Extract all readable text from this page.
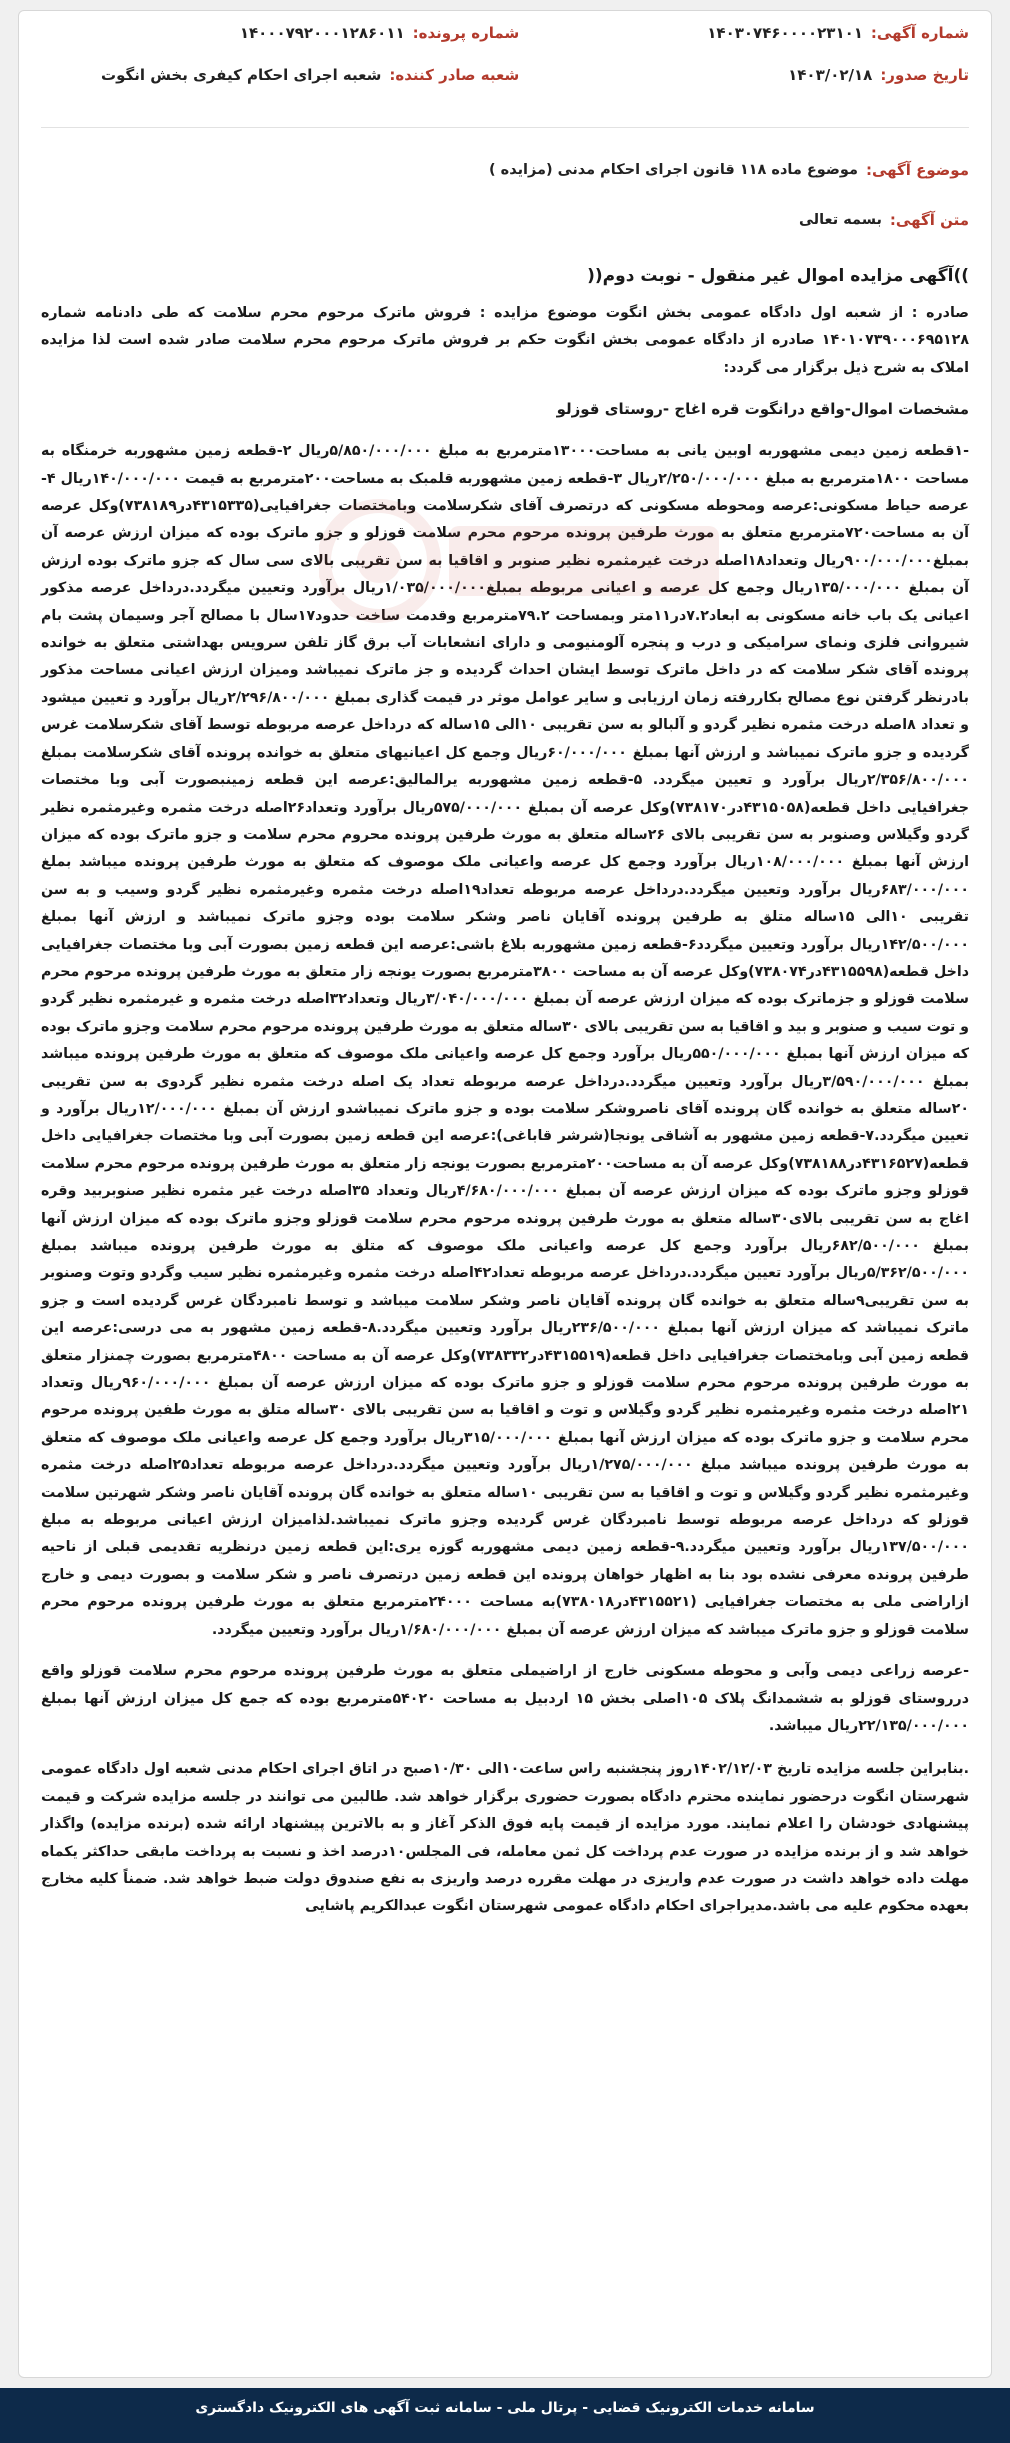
شماره آگهی:
۱۴۰۳۰۷۴۶۰۰۰۰۲۳۱۰۱
تاریخ صدور:
۱۴۰۳/۰۲/۱۸
شماره پرونده:
۱۴۰۰۰۷۹۲۰۰۰۱۲۸۶۰۱۱
شعبه صادر کننده:
شعبه اجرای احکام کیفری بخش انگوت
موضوع آگهی:
موضوع ماده ۱۱۸ قانون اجرای احکام مدنی (مزایده )
متن آگهی:
بسمه تعالی
))آگهی مزایده اموال غیر منقول - نوبت دوم((

صادره : از شعبه اول دادگاه عمومی بخش انگوت موضوع مزایده : فروش ماترک مرحوم محرم سلامت که طی دادنامه شماره ۱۴۰۱۰۷۳۹۰۰۰۶۹۵۱۲۸ صادره از دادگاه عمومی بخش انگوت حکم بر فروش ماترک مرحوم محرم سلامت صادر شده است لذا مزایده املاک به شرح ذیل برگزار می گردد:

مشخصات اموال-واقع درانگوت قره اغاج -روستای قوزلو

-۱قطعه زمین دیمی مشهوربه اوبین یانی به مساحت۱۳۰۰۰مترمربع به مبلغ ۵/۸۵۰/۰۰۰/۰۰۰ریال ۲-قطعه زمین مشهوربه خرمنگاه به مساحت ۱۸۰۰مترمربع به مبلغ ۲/۲۵۰/۰۰۰/۰۰۰ریال ۳-قطعه زمین مشهوربه قلمبک به مساحت۲۰۰مترمربع به قیمت ۱۴۰/۰۰۰/۰۰۰ریال ۴- عرصه حیاط مسکونی:عرصه ومحوطه مسکونی که درتصرف آقای شکرسلامت وبامختصات جغرافیایی(۴۳۱۵۳۳۵در۷۳۸۱۸۹)وکل عرصه آن به مساحت۷۲۰مترمربع متعلق به مورث طرفین پرونده مرحوم محرم سلامت قوزلو و جزو ماترک بوده که میزان ارزش عرصه آن بمبلغ۹۰۰/۰۰۰/۰۰۰ریال وتعداد۱۸اصله درخت غیرمثمره نظیر صنوبر و اقاقیا به سن تقریبی بالای سی سال که جزو ماترک بوده ارزش آن بمبلغ ۱۳۵/۰۰۰/۰۰۰ریال وجمع کل عرصه و اعیانی مربوطه بمبلغ۱/۰۳۵/۰۰۰/۰۰۰ریال برآورد وتعیین میگردد.درداخل عرصه مذکور اعیانی یک باب خانه مسکونی به ابعاد۷.۲در۱۱متر وبمساحت ۷۹.۲مترمربع وقدمت ساخت حدود۱۷سال با مصالح آجر وسیمان پشت بام شیروانی فلزی ونمای سرامیکی و درب و پنجره آلومنیومی و دارای انشعابات آب برق گاز تلفن سرویس بهداشتی متعلق به خوانده پرونده آقای شکر سلامت که در داخل ماترک توسط ایشان احداث گردیده و جز ماترک نمیباشد ومیزان ارزش اعیانی مساحت مذکور بادرنظر گرفتن نوع مصالح بکاررفته زمان ارزیابی و سایر عوامل موثر در قیمت گذاری بمبلغ ۲/۲۹۶/۸۰۰/۰۰۰ریال برآورد و تعیین میشود و تعداد ۸اصله درخت مثمره نظیر گردو و آلبالو به سن تقریبی ۱۰الی ۱۵ساله که درداخل عرصه مربوطه توسط آقای شکرسلامت غرس گردیده و جزو ماترک نمیباشد و ارزش آنها بمبلغ ۶۰/۰۰۰/۰۰۰ریال وجمع کل اعیانیهای متعلق به خوانده پرونده آقای شکرسلامت بمبلغ ۲/۳۵۶/۸۰۰/۰۰۰ریال برآورد و تعیین میگردد. ۵-قطعه زمین مشهوربه یرالمالیق:عرصه این قطعه زمینبصورت آبی وبا مختصات جغرافیایی داخل قطعه(۴۳۱۵۰۵۸در۷۳۸۱۷۰)وکل عرصه آن بمبلغ ۵۷۵/۰۰۰/۰۰۰ریال برآورد وتعداد۲۶اصله درخت مثمره وغیرمثمره نظیر گردو وگیلاس وصنوبر به سن تقریبی بالای ۲۶ساله متعلق به مورث طرفین پرونده محروم محرم سلامت و جزو ماترک بوده که میزان ارزش آنها بمبلغ ۱۰۸/۰۰۰/۰۰۰ریال برآورد وجمع کل عرصه واعیانی ملک موصوف که متعلق به مورث طرفین پرونده میباشد بملغ ۶۸۳/۰۰۰/۰۰۰ریال برآورد وتعیین میگردد.درداخل عرصه مربوطه تعداد۱۹اصله درخت مثمره وغیرمثمره نظیر گردو وسیب و به سن تقریبی ۱۰الی ۱۵ساله متلق به طرفین پرونده آقایان ناصر وشکر سلامت بوده وجزو ماترک نمیباشد و ارزش آنها بمبلغ ۱۴۲/۵۰۰/۰۰۰ریال برآورد وتعیین میگردد۶-قطعه زمین مشهوربه بلاغ باشی:عرصه این قطعه زمین بصورت آبی وبا مختصات جغرافیایی داخل قطعه(۴۳۱۵۵۹۸در۷۳۸۰۷۴)وکل عرصه آن به مساحت ۳۸۰۰مترمربع بصورت یونجه زار متعلق به مورث طرفین پرونده مرحوم محرم سلامت قوزلو و جزماترک بوده که میزان ارزش عرصه آن بمبلغ ۳/۰۴۰/۰۰۰/۰۰۰ریال وتعداد۳۲اصله درخت مثمره و غیرمثمره نظیر گردو و توت سیب و صنوبر و بید و اقاقیا به سن تقریبی بالای ۳۰ساله متعلق به مورث طرفین پرونده مرحوم محرم سلامت وجزو ماترک بوده که میزان ارزش آنها بمبلغ ۵۵۰/۰۰۰/۰۰۰ریال برآورد وجمع کل عرصه واعیانی ملک موصوف که متعلق به مورث طرفین پرونده میباشد بمبلغ ۳/۵۹۰/۰۰۰/۰۰۰ریال برآورد وتعیین میگردد.درداخل عرصه مربوطه تعداد یک اصله درخت مثمره نظیر گردوی به سن تقریبی ۲۰ساله متعلق به خوانده گان پرونده آقای ناصروشکر سلامت بوده و جزو ماترک نمیباشدو ارزش آن بمبلغ ۱۲/۰۰۰/۰۰۰ریال برآورد و تعیین میگردد.۷-قطعه زمین مشهور به آشاقی یونجا(شرشر قاباغی):عرصه این قطعه زمین بصورت آبی وبا مختصات جغرافیایی داخل قطعه(۴۳۱۶۵۲۷در۷۳۸۱۸۸)وکل عرصه آن به مساحت۲۰۰مترمربع بصورت یونجه زار متعلق به مورث طرفین پرونده مرحوم محرم سلامت قوزلو وجزو ماترک بوده که میزان ارزش عرصه آن بمبلغ ۴/۶۸۰/۰۰۰/۰۰۰ریال وتعداد ۳۵اصله درخت غیر مثمره نظیر صنوبربید وقره اغاج به سن تقریبی بالای۳۰ساله متعلق به مورث طرفین پرونده مرحوم محرم سلامت قوزلو وجزو ماترک بوده که میزان ارزش آنها بمبلغ ۶۸۲/۵۰۰/۰۰۰ریال برآورد وجمع کل عرصه واعیانی ملک موصوف که متلق به مورث طرفین پرونده میباشد بمبلغ ۵/۳۶۲/۵۰۰/۰۰۰ریال برآورد تعیین میگردد.درداخل عرصه مربوطه تعداد۴۲اصله درخت مثمره وغیرمثمره نظیر سیب وگردو وتوت وصنوبر به سن تقریبی۹ساله متعلق به خوانده گان پرونده آقایان ناصر وشکر سلامت میباشد و توسط نامبردگان غرس گردیده است و جزو ماترک نمیباشد که میزان ارزش آنها بمبلغ ۲۳۶/۵۰۰/۰۰۰ریال برآورد وتعیین میگردد.۸-قطعه زمین مشهور به می درسی:عرصه این قطعه زمین آبی وبامختصات جغرافیایی داخل قطعه(۴۳۱۵۵۱۹در۷۳۸۳۳۲)وکل عرصه آن به مساحت ۴۸۰۰مترمربع بصورت چمنزار متعلق به مورث طرفین پرونده مرحوم محرم سلامت قوزلو و جزو ماترک بوده که میزان ارزش عرصه آن بمبلغ ۹۶۰/۰۰۰/۰۰۰ریال وتعداد ۲۱اصله درخت مثمره وغیرمثمره نظیر گردو وگیلاس و توت و اقاقیا به سن تقریبی بالای ۳۰ساله متلق به مورث طفین پرونده مرحوم محرم سلامت و جزو ماترک بوده که میزان ارزش آنها بمبلغ ۳۱۵/۰۰۰/۰۰۰ریال برآورد وجمع کل عرصه واعیانی ملک موصوف که متعلق به مورث طرفین پرونده میباشد مبلغ ۱/۲۷۵/۰۰۰/۰۰۰ریال برآورد وتعیین میگردد.درداخل عرصه مربوطه تعداد۲۵اصله درخت مثمره وغیرمثمره نظیر گردو وگیلاس و توت و اقاقیا به سن تقریبی ۱۰ساله متعلق به خوانده گان پرونده آقایان ناصر وشکر شهرتین سلامت قوزلو که درداخل عرصه مربوطه توسط نامبردگان غرس گردیده وجزو ماترک نمیباشد.لذامیزان ارزش اعیانی مربوطه به مبلغ ۱۳۷/۵۰۰/۰۰۰ریال برآورد وتعیین میگردد.۹-قطعه زمین دیمی مشهوربه گوزه یری:این قطعه زمین درنظریه تقدیمی قبلی از ناحیه طرفین پرونده معرفی نشده بود بنا به اظهار خواهان پرونده این قطعه زمین درتصرف ناصر و شکر سلامت و بصورت دیمی و خارج ازاراضی ملی به مختصات جغرافیایی (۴۳۱۵۵۲۱در۷۳۸۰۱۸)به مساحت ۲۴۰۰۰مترمربع متعلق به مورث طرفین پرونده مرحوم محرم سلامت قوزلو و جزو ماترک میباشد که میزان ارزش عرصه آن بمبلغ ۱/۶۸۰/۰۰۰/۰۰۰ریال برآورد وتعیین میگردد.

-عرصه زراعی دیمی وآبی و محوطه مسکونی خارج از اراضیملی متعلق به مورث طرفین پرونده مرحوم محرم سلامت قوزلو واقع درروستای قوزلو به ششمدانگ پلاک ۱۰۵اصلی بخش ۱۵ اردبیل به مساحت ۵۴۰۲۰مترمربع بوده که جمع کل میزان ارزش آنها بمبلغ ۲۲/۱۳۵/۰۰۰/۰۰۰ریال میباشد.

.بنابراین جلسه مزایده تاریخ ۱۴۰۲/۱۲/۰۳روز پنجشنبه راس ساعت۱۰الی ۱۰/۳۰صبح در اتاق اجرای احکام مدنی شعبه اول دادگاه عمومی شهرستان انگوت درحضور نماینده محترم دادگاه بصورت حضوری برگزار خواهد شد. طالبین می توانند در جلسه مزایده شرکت و قیمت پیشنهادی خودشان را اعلام نمایند. مورد مزایده از قیمت پایه فوق الذکر آغاز و به بالاترین پیشنهاد ارائه شده (برنده مزایده) واگذار خواهد شد و از برنده مزایده در صورت عدم پرداخت کل ثمن معامله، فی المجلس۱۰درصد اخذ و نسبت به پرداخت مابقی حداکثر یکماه مهلت داده خواهد داشت در صورت عدم واریزی در مهلت مقرره درصد واریزی به نفع صندوق دولت ضبط خواهد شد. ضمناً کلیه مخارج بعهده محکوم علیه می باشد.مدیراجرای احکام دادگاه عمومی شهرستان انگوت عبدالکریم پاشایی

سامانه خدمات الکترونیک قضایی - پرتال ملی - سامانه ثبت آگهی های الکترونیک دادگستری
